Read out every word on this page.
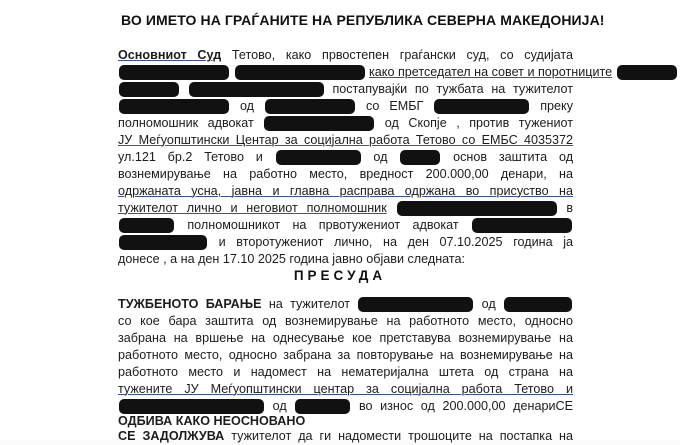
ВО ИМЕТО НА ГРАЃАНИТЕ НА РЕПУБЛИКА СЕВЕРНА МАКЕДОНИЈА!
Основниот Суд Тетово, како првостепен граѓански суд, со судијата
како претседател на совет и поротниците
постапувајќи по тужбата на тужителот
од	со ЕМБГ	преку
полномошник адвокат	од Скопје , против тужениот
ЈУ Меѓуопштински Центар за социјална работа Тетово со ЕМБС 4035372
ул.121 бр.2 Тетово и	од	основ заштита од
вознемирување на работно место, вредност 200.000,00 денари, на
одржаната усна, јавна и главна расправа одржана во присуство на
тужителот лично и неговиот полномошник	в
полномошникот на првотужениот адвокат
и второтужениот лично, на ден 07.10.2025 година ја
донесе , а на ден 17.10 2025 година јавно објави следната:
ПРЕСУДА
ТУЖБЕНОТО БАРАЊЕ на тужителот	од
со кое бара заштита од вознемирување на работното место, односно
забрана на вршење на однесување кое претставува вознемирување на
работното место, односно забрана за повторување на вознемирување на
работното место и надомест на нематеријална штета од страна на
тужените ЈУ Меѓуопштински центар за социјална работа Тетово и
од	во износ од 200.000,00 денариСЕ
ОДБИВА КАКО НЕОСНОВАНО
СЕ ЗАДОЛЖУВА тужителот да ги надомести трошоците на постапка на
